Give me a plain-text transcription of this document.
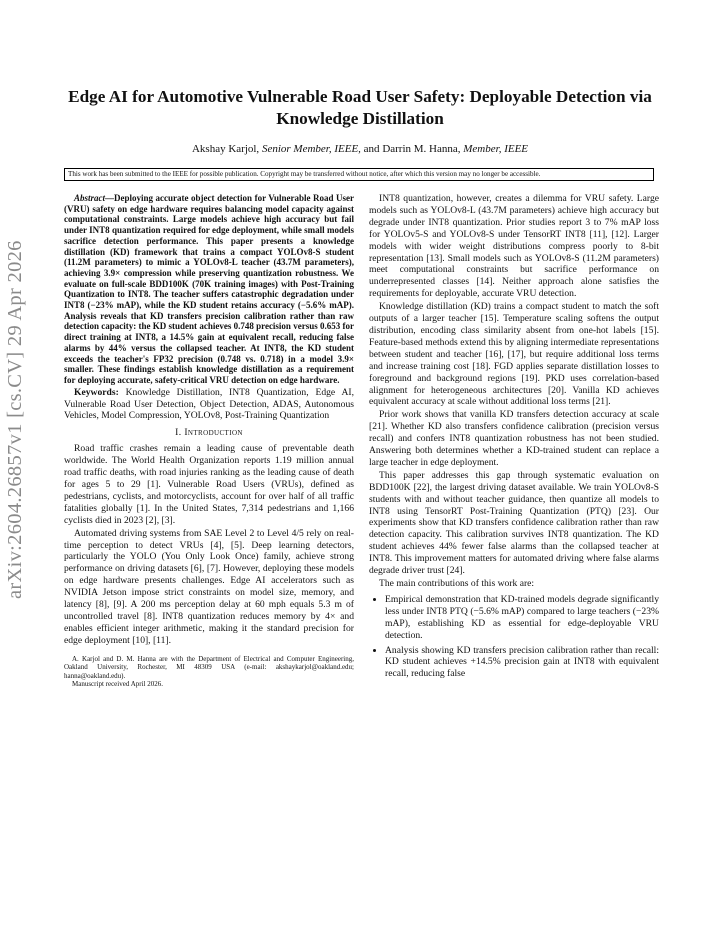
arXiv:2604.26857v1 [cs.CV] 29 Apr 2026
Edge AI for Automotive Vulnerable Road User Safety: Deployable Detection via Knowledge Distillation
Akshay Karjol, Senior Member, IEEE, and Darrin M. Hanna, Member, IEEE
This work has been submitted to the IEEE for possible publication. Copyright may be transferred without notice, after which this version may no longer be accessible.

Abstract—Deploying accurate object detection for Vulnerable Road User (VRU) safety on edge hardware requires balancing model capacity against computational constraints. Large models achieve high accuracy but fail under INT8 quantization required for edge deployment, while small models sacrifice detection performance. This paper presents a knowledge distillation (KD) framework that trains a compact YOLOv8-S student (11.2M parameters) to mimic a YOLOv8-L teacher (43.7M parameters), achieving 3.9× compression while preserving quantization robustness. We evaluate on full-scale BDD100K (70K training images) with Post-Training Quantization to INT8. The teacher suffers catastrophic degradation under INT8 (−23% mAP), while the KD student retains accuracy (−5.6% mAP). Analysis reveals that KD transfers precision calibration rather than raw detection capacity: the KD student achieves 0.748 precision versus 0.653 for direct training at INT8, a 14.5% gain at equivalent recall, reducing false alarms by 44% versus the collapsed teacher. At INT8, the KD student exceeds the teacher's FP32 precision (0.748 vs. 0.718) in a model 3.9× smaller. These findings establish knowledge distillation as a requirement for deploying accurate, safety-critical VRU detection on edge hardware.

Keywords: Knowledge Distillation, INT8 Quantization, Edge AI, Vulnerable Road User Detection, Object Detection, ADAS, Autonomous Vehicles, Model Compression, YOLOv8, Post-Training Quantization

I. Introduction

Road traffic crashes remain a leading cause of preventable death worldwide. The World Health Organization reports 1.19 million annual road traffic deaths, with road injuries ranking as the leading cause of death for ages 5 to 29 [1]. Vulnerable Road Users (VRUs), defined as pedestrians, cyclists, and motorcyclists, account for over half of all traffic fatalities globally [1]. In the United States, 7,314 pedestrians and 1,166 cyclists died in 2023 [2], [3].

Automated driving systems from SAE Level 2 to Level 4/5 rely on real-time perception to detect VRUs [4], [5]. Deep learning detectors, particularly the YOLO (You Only Look Once) family, achieve strong performance on driving datasets [6], [7]. However, deploying these models on edge hardware presents challenges. Edge AI accelerators such as NVIDIA Jetson impose strict constraints on model size, memory, and latency [8], [9]. A 200 ms perception delay at 60 mph equals 5.3 m of uncontrolled travel [8]. INT8 quantization reduces memory by 4× and enables efficient integer arithmetic, making it the standard precision for edge deployment [10], [11].

A. Karjol and D. M. Hanna are with the Department of Electrical and Computer Engineering, Oakland University, Rochester, MI 48309 USA (e-mail: akshaykarjol@oakland.edu; hanna@oakland.edu).

Manuscript received April 2026.

INT8 quantization, however, creates a dilemma for VRU safety. Large models such as YOLOv8-L (43.7M parameters) achieve high accuracy but degrade under INT8 quantization. Prior studies report 3 to 7% mAP loss for YOLOv5-S and YOLOv8-S under TensorRT INT8 [11], [12]. Larger models with wider weight distributions compress poorly to 8-bit representation [13]. Small models such as YOLOv8-S (11.2M parameters) meet computational constraints but sacrifice performance on underrepresented classes [14]. Neither approach alone satisfies the requirements for deployable, accurate VRU detection.

Knowledge distillation (KD) trains a compact student to match the soft outputs of a larger teacher [15]. Temperature scaling softens the output distribution, encoding class similarity absent from one-hot labels [15]. Feature-based methods extend this by aligning intermediate representations between student and teacher [16], [17], but require additional loss terms and increase training cost [18]. FGD applies separate distillation losses to foreground and background regions [19]. PKD uses correlation-based alignment for heterogeneous architectures [20]. Vanilla KD achieves equivalent accuracy at scale without additional loss terms [21].

Prior work shows that vanilla KD transfers detection accuracy at scale [21]. Whether KD also transfers confidence calibration (precision versus recall) and confers INT8 quantization robustness has not been studied. Answering both determines whether a KD-trained student can replace a large teacher in edge deployment.

This paper addresses this gap through systematic evaluation on BDD100K [22], the largest driving dataset available. We train YOLOv8-S students with and without teacher guidance, then quantize all models to INT8 using TensorRT Post-Training Quantization (PTQ) [23]. Our experiments show that KD transfers confidence calibration rather than raw detection capacity. This calibration survives INT8 quantization. The KD student achieves 44% fewer false alarms than the collapsed teacher at INT8. This improvement matters for automated driving where false alarms degrade driver trust [24].

The main contributions of this work are:

• Empirical demonstration that KD-trained models degrade significantly less under INT8 PTQ (−5.6% mAP) compared to large teachers (−23% mAP), establishing KD as essential for edge-deployable VRU detection.
• Analysis showing KD transfers precision calibration rather than recall: KD student achieves +14.5% precision gain at INT8 with equivalent recall, reducing false
